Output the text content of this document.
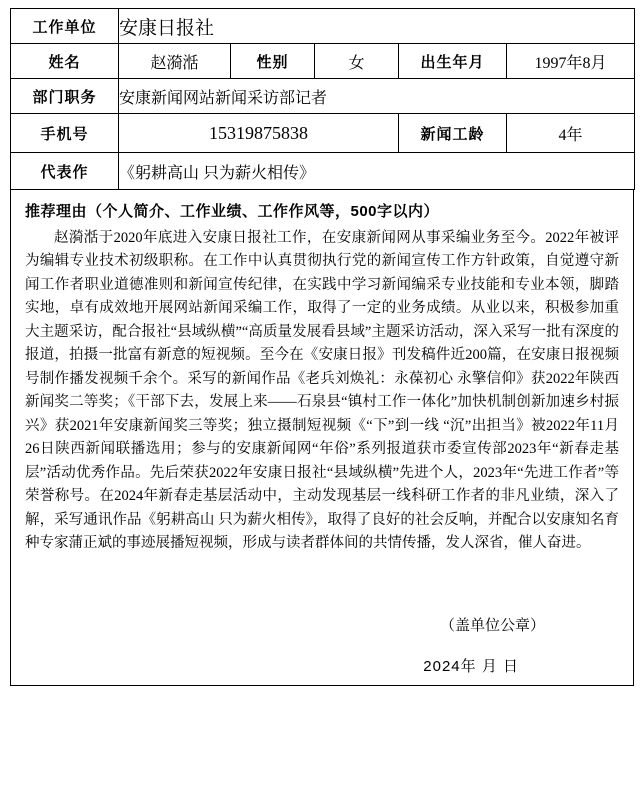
工作单位	安康日报社				
姓名	赵漪湉	性别	女	出生年月	1997年8月
部门职务	安康新闻网站新闻采访部记者				
手机号	15319875838			新闻工龄	4年
代表作	《躬耕高山 只为薪火相传》				
推荐理由（个人简介、工作业绩、工作作风等，500字以内）
赵漪湉于2020年底进入安康日报社工作，在安康新闻网从事采编业务至今。2022年被评为编辑专业技术初级职称。在工作中认真贯彻执行党的新闻宣传工作方针政策，自觉遵守新闻工作者职业道德准则和新闻宣传纪律，在实践中学习新闻编采专业技能和专业本领，脚踏实地，卓有成效地开展网站新闻采编工作，取得了一定的业务成绩。从业以来，积极参加重大主题采访，配合报社“县域纵横”“高质量发展看县域”主题采访活动，深入采写一批有深度的报道，拍摄一批富有新意的短视频。至今在《安康日报》刊发稿件近200篇，在安康日报视频号制作播发视频千余个。采写的新闻作品《老兵刘焕礼：永葆初心 永擎信仰》获2022年陕西新闻奖二等奖；《干部下去，发展上来——石泉县“镇村工作一体化”加快机制创新加速乡村振兴》获2021年安康新闻奖三等奖；独立摄制短视频《“下”到一线 “沉”出担当》被2022年11月26日陕西新闻联播选用；参与的安康新闻网“年俗”系列报道获市委宣传部2023年“新春走基层”活动优秀作品。先后荣获2022年安康日报社“县域纵横”先进个人，2023年“先进工作者”等荣誉称号。在2024年新春走基层活动中，主动发现基层一线科研工作者的非凡业绩，深入了解，采写通讯作品《躬耕高山 只为薪火相传》，取得了良好的社会反响，并配合以安康知名育种专家蒲正斌的事迹展播短视频，形成与读者群体间的共情传播，发人深省，催人奋进。
（盖单位公章）
2024年 月 日
